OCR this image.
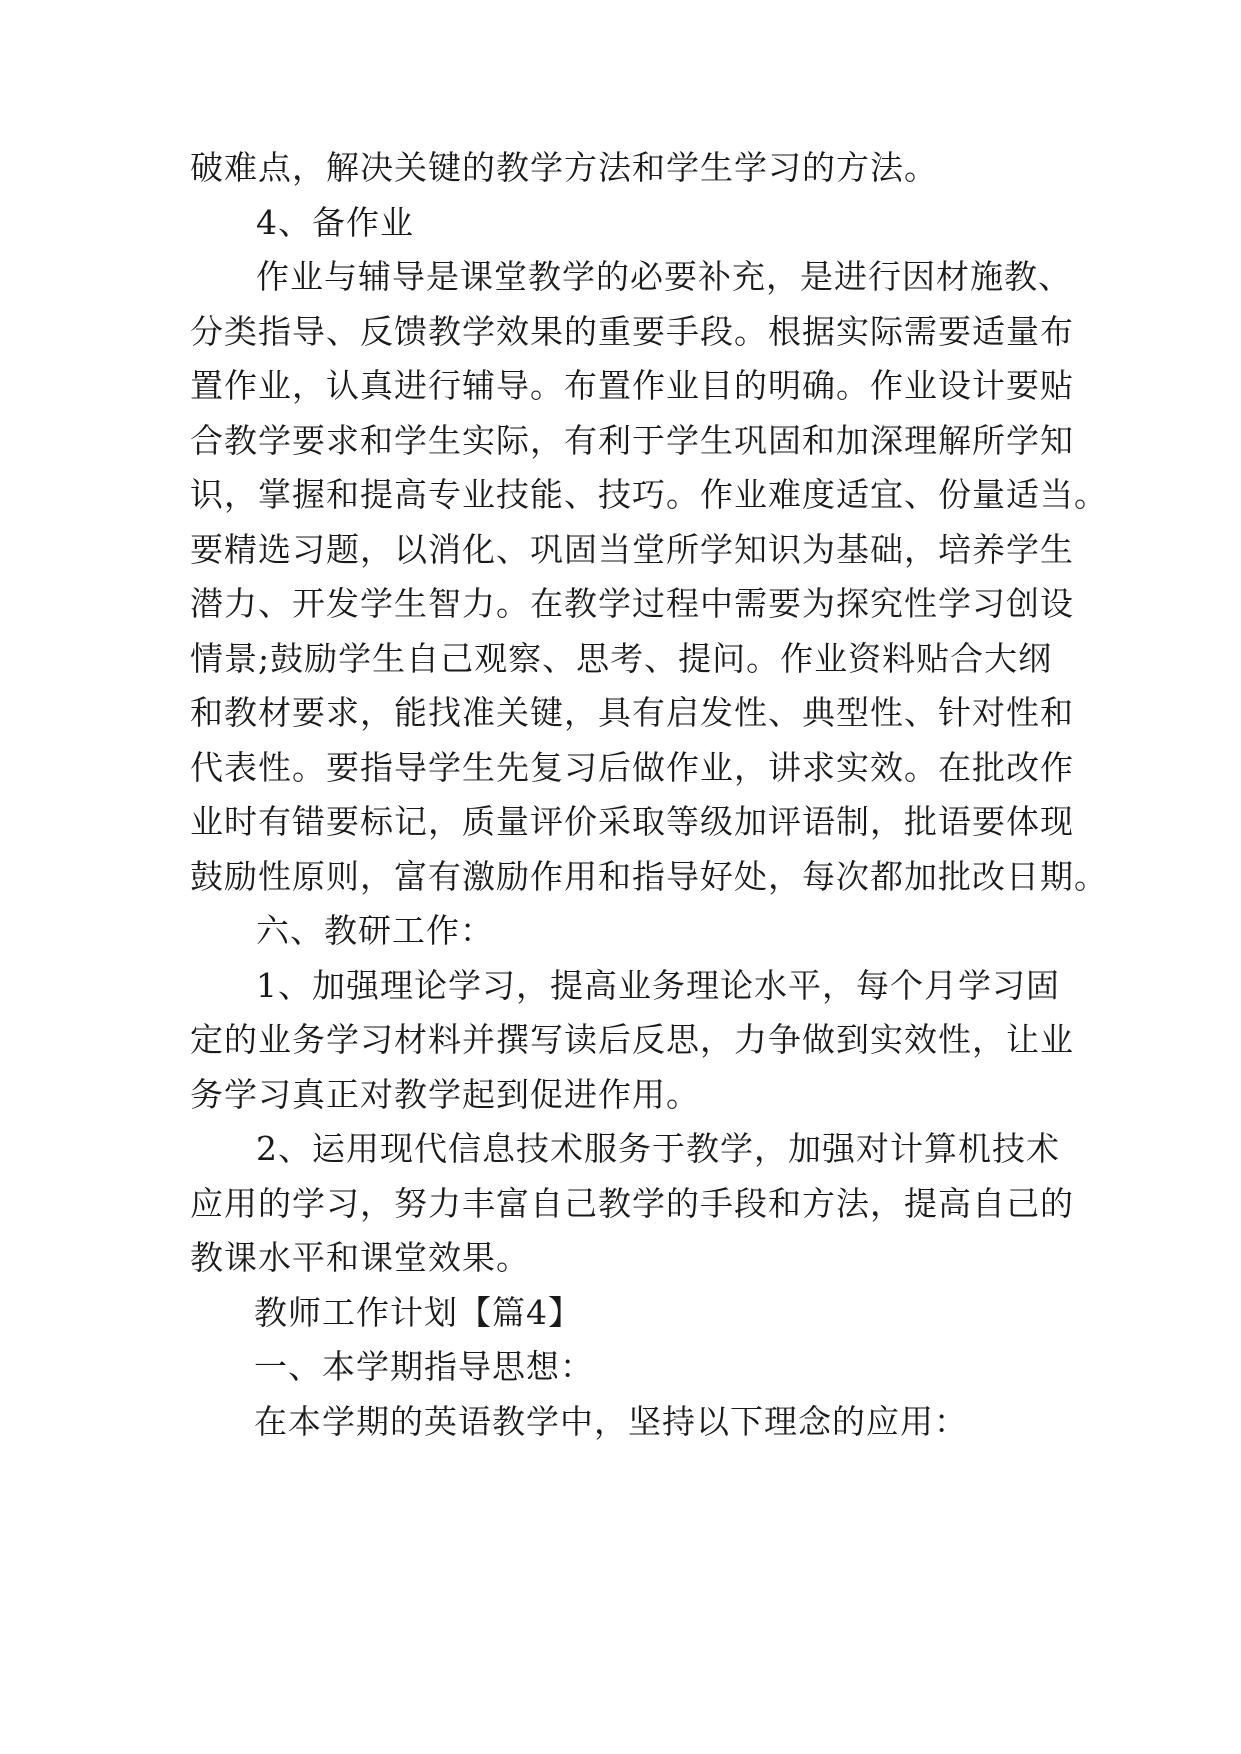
破难点，解决关键的教学方法和学生学习的方法。
4、备作业
作业与辅导是课堂教学的必要补充，是进行因材施教、
分类指导、反馈教学效果的重要手段。根据实际需要适量布
置作业，认真进行辅导。布置作业目的明确。作业设计要贴
合教学要求和学生实际，有利于学生巩固和加深理解所学知
识，掌握和提高专业技能、技巧。作业难度适宜、份量适当。
要精选习题，以消化、巩固当堂所学知识为基础，培养学生
潜力、开发学生智力。在教学过程中需要为探究性学习创设
情景;鼓励学生自己观察、思考、提问。作业资料贴合大纲
和教材要求，能找准关键，具有启发性、典型性、针对性和
代表性。要指导学生先复习后做作业，讲求实效。在批改作
业时有错要标记，质量评价采取等级加评语制，批语要体现
鼓励性原则，富有激励作用和指导好处，每次都加批改日期。
六、教研工作：
1、加强理论学习，提高业务理论水平，每个月学习固
定的业务学习材料并撰写读后反思，力争做到实效性，让业
务学习真正对教学起到促进作用。
2、运用现代信息技术服务于教学，加强对计算机技术
应用的学习，努力丰富自己教学的手段和方法，提高自己的
教课水平和课堂效果。
教师工作计划【篇4】
一、本学期指导思想：
在本学期的英语教学中，坚持以下理念的应用：
